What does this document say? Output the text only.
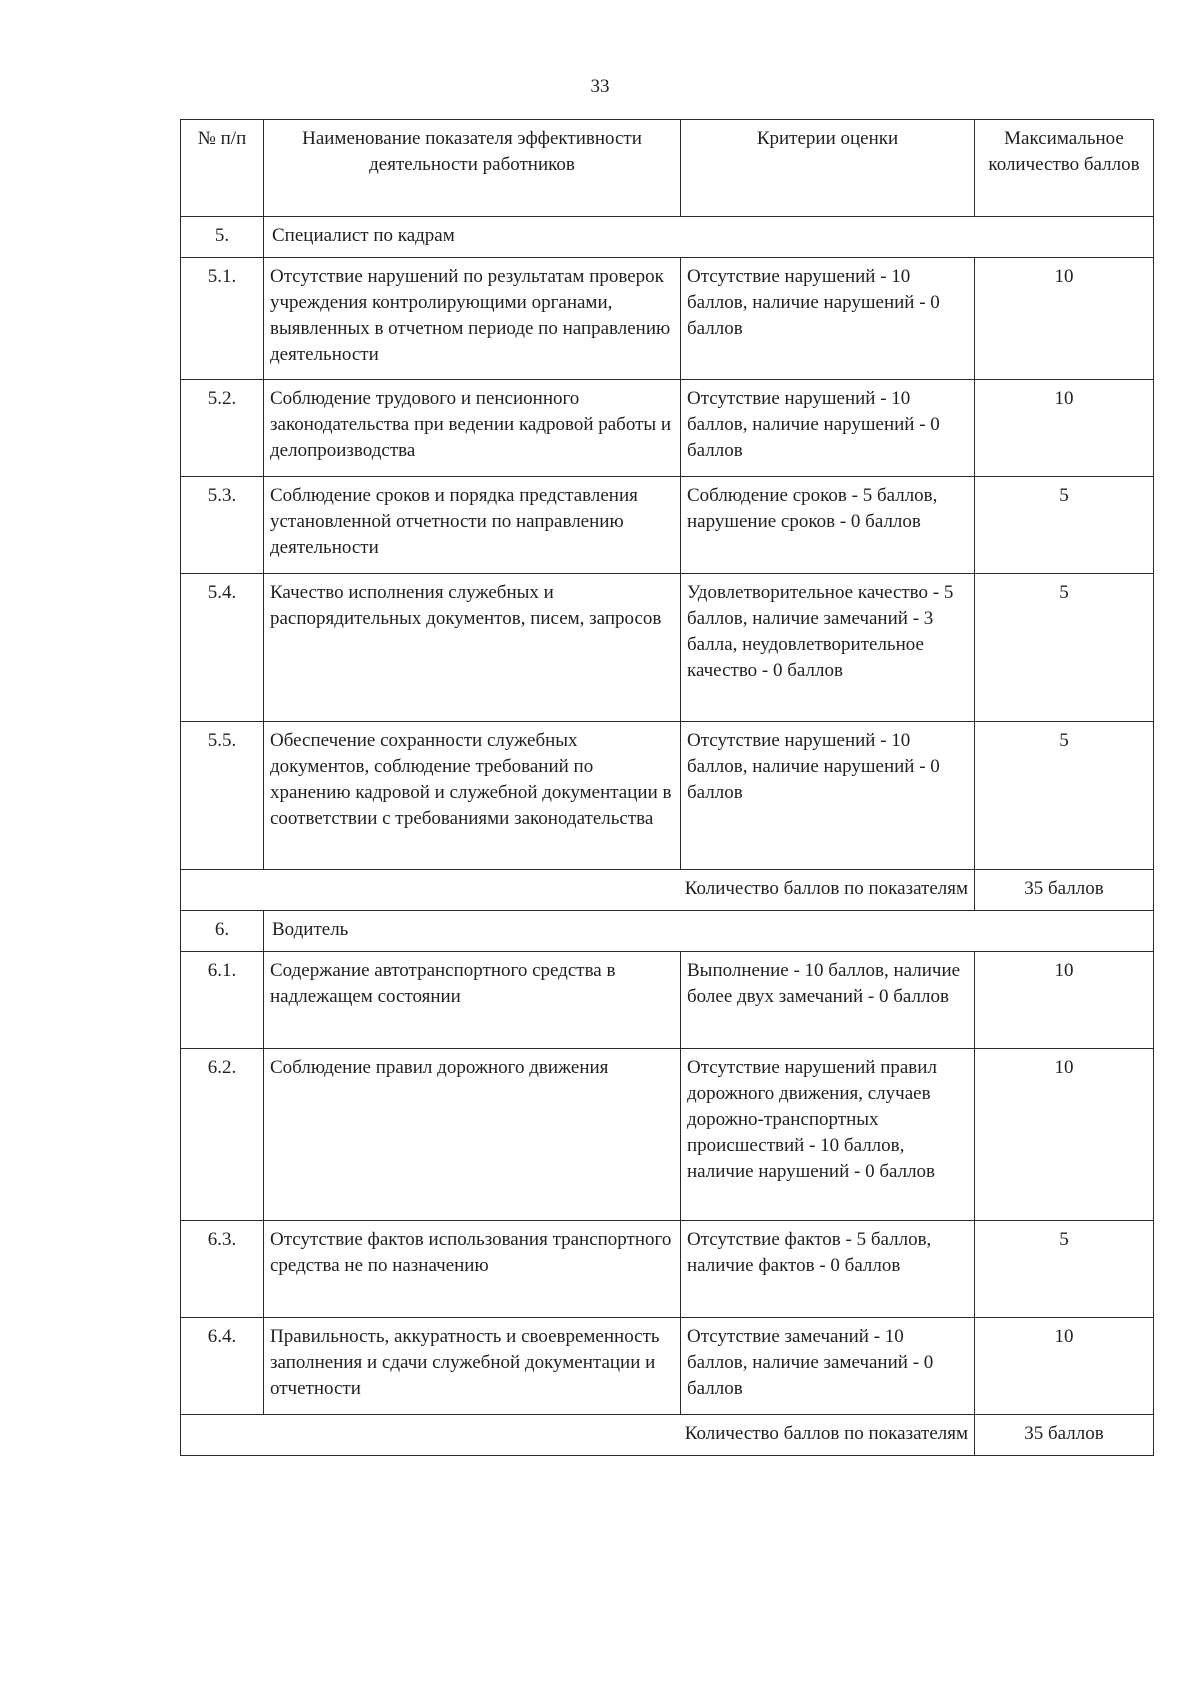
33
№ п/п	Наименование показателя эффективности деятельности работников	Критерии оценки	Максимальное количество баллов
5.	Специалист по кадрам		
5.1.	Отсутствие нарушений по результатам проверок учреждения контролирующими органами, выявленных в отчетном периоде по направлению деятельности	Отсутствие нарушений - 10 баллов, наличие нарушений - 0 баллов	10
5.2.	Соблюдение трудового и пенсионного законодательства при ведении кадровой работы и делопроизводства	Отсутствие нарушений - 10 баллов, наличие нарушений - 0 баллов	10
5.3.	Соблюдение сроков и порядка представления установленной отчетности по направлению деятельности	Соблюдение сроков - 5 баллов, нарушение сроков - 0 баллов	5
5.4.	Качество исполнения служебных и распорядительных документов, писем, запросов	Удовлетворительное качество - 5 баллов, наличие замечаний - 3 балла, неудовлетворительное качество - 0 баллов	5
5.5.	Обеспечение сохранности служебных документов, соблюдение требований по хранению кадровой и служебной документации в соответствии с требованиями законодательства	Отсутствие нарушений - 10 баллов, наличие нарушений - 0 баллов	5
Количество баллов по показателям			35 баллов
6.	Водитель		
6.1.	Содержание автотранспортного средства в надлежащем состоянии	Выполнение - 10 баллов, наличие более двух замечаний - 0 баллов	10
6.2.	Соблюдение правил дорожного движения	Отсутствие нарушений правил дорожного движения, случаев дорожно-транспортных происшествий - 10 баллов, наличие нарушений - 0 баллов	10
6.3.	Отсутствие фактов использования транспортного средства не по назначению	Отсутствие фактов - 5 баллов, наличие фактов - 0 баллов	5
6.4.	Правильность, аккуратность и своевременность заполнения и сдачи служебной документации и отчетности	Отсутствие замечаний - 10 баллов, наличие замечаний - 0 баллов	10
Количество баллов по показателям			35 баллов
